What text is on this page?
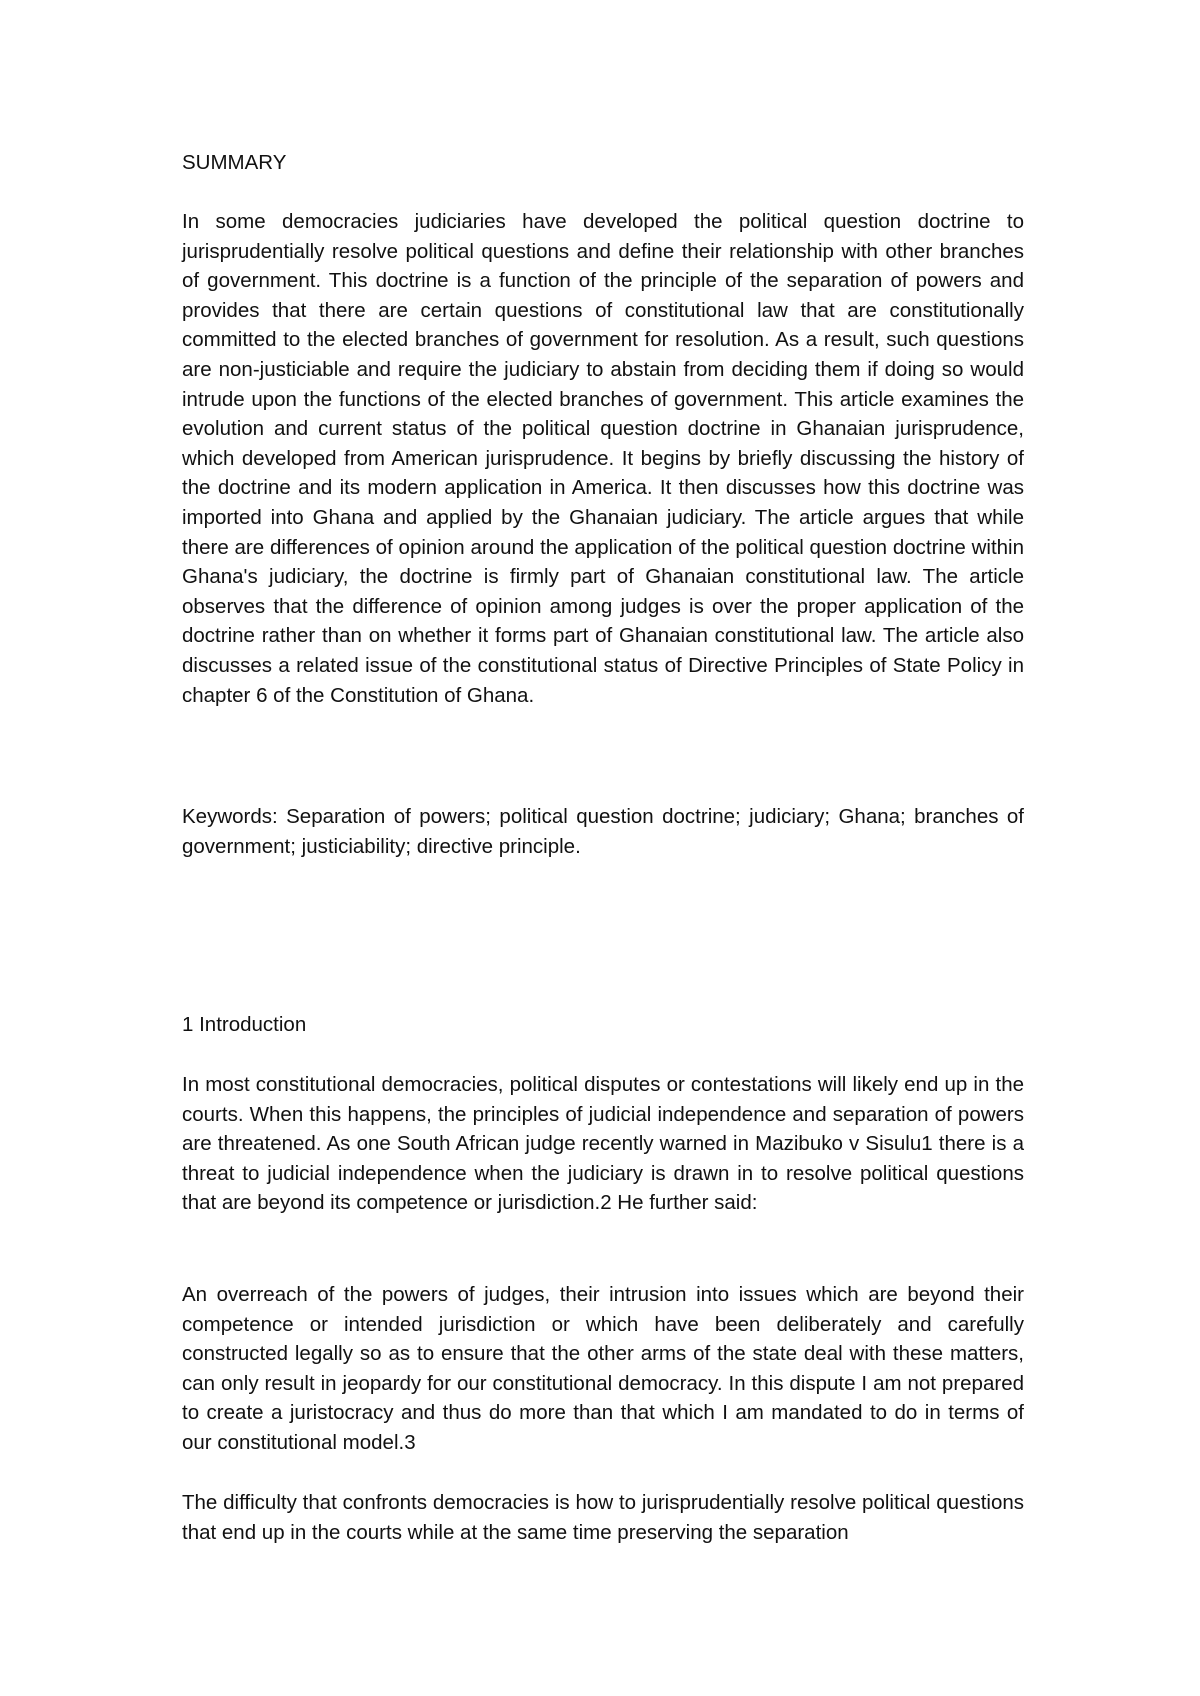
SUMMARY

In some democracies judiciaries have developed the political question doctrine to jurisprudentially resolve political questions and define their relationship with other branches of government. This doctrine is a function of the principle of the separation of powers and provides that there are certain questions of constitutional law that are constitutionally committed to the elected branches of government for resolution. As a result, such questions are non-justiciable and require the judiciary to abstain from deciding them if doing so would intrude upon the functions of the elected branches of government. This article examines the evolution and current status of the political question doctrine in Ghanaian jurisprudence, which developed from American jurisprudence. It begins by briefly discussing the history of the doctrine and its modern application in America. It then discusses how this doctrine was imported into Ghana and applied by the Ghanaian judiciary. The article argues that while there are differences of opinion around the application of the political question doctrine within Ghana's judiciary, the doctrine is firmly part of Ghanaian constitutional law. The article observes that the difference of opinion among judges is over the proper application of the doctrine rather than on whether it forms part of Ghanaian constitutional law. The article also discusses a related issue of the constitutional status of Directive Principles of State Policy in chapter 6 of the Constitution of Ghana.

Keywords: Separation of powers; political question doctrine; judiciary; Ghana; branches of government; justiciability; directive principle.

1 Introduction

In most constitutional democracies, political disputes or contestations will likely end up in the courts. When this happens, the principles of judicial independence and separation of powers are threatened. As one South African judge recently warned in Mazibuko v Sisulu1 there is a threat to judicial independence when the judiciary is drawn in to resolve political questions that are beyond its competence or jurisdiction.2 He further said:

An overreach of the powers of judges, their intrusion into issues which are beyond their competence or intended jurisdiction or which have been deliberately and carefully constructed legally so as to ensure that the other arms of the state deal with these matters, can only result in jeopardy for our constitutional democracy. In this dispute I am not prepared to create a juristocracy and thus do more than that which I am mandated to do in terms of our constitutional model.3

The difficulty that confronts democracies is how to jurisprudentially resolve political questions that end up in the courts while at the same time preserving the separation
